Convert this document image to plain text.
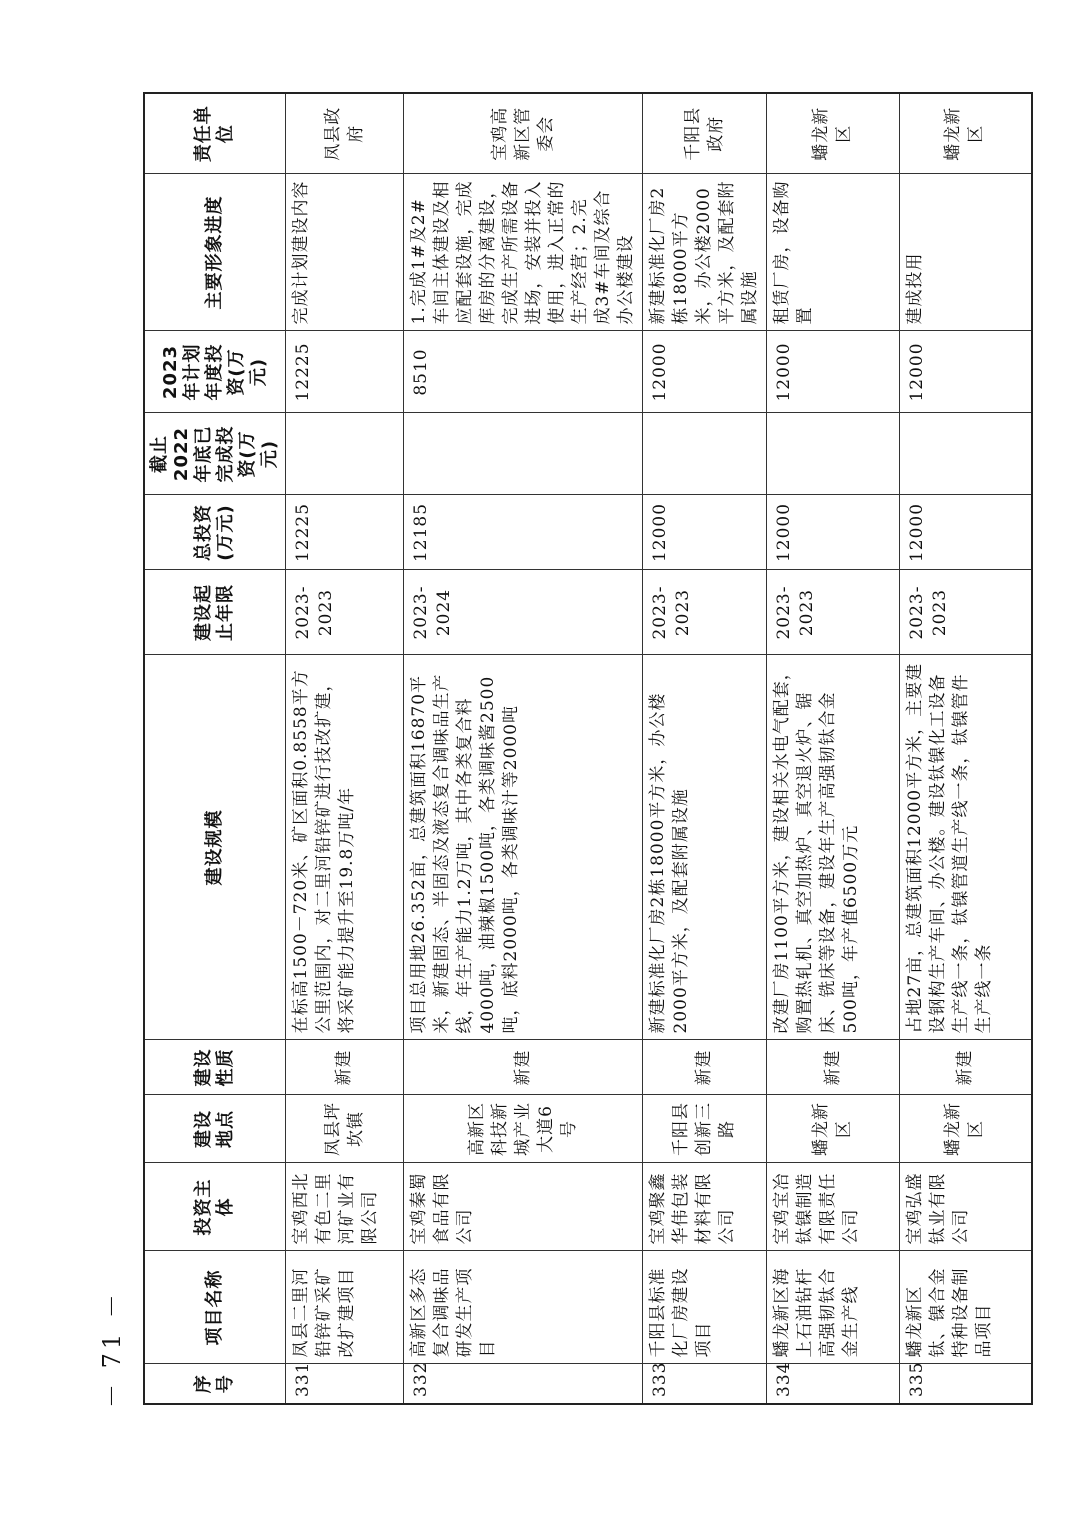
序号	项目名称	投资主体	建设地点	建设性质	建设规模	建设起止年限	总投资(万元)	截止2022年底已完成投资(万元)	2023年计划年度投资(万元)	主要形象进度	责任单位
331	凤县二里河铅锌矿采矿改扩建项目	宝鸡西北有色二里河矿业有限公司	凤县坪坎镇	新建	在标高1500－720米、矿区面积0.8558平方公里范围内，对二里河铅锌矿进行技改扩建，将采矿能力提升至19.8万吨/年	2023-2023	12225		12225	完成计划建设内容	凤县政府
332	高新区多态复合调味品研发生产项目	宝鸡秦蜀食品有限公司	高新区科技新城产业大道6号	新建	项目总用地26.352亩，总建筑面积16870平米，新建固态、半固态及液态复合调味品生产线，年生产能力1.2万吨，其中各类复合料4000吨，油辣椒1500吨，各类调味酱2500吨，底料2000吨，各类调味汁等2000吨	2023-2024	12185		8510	1.完成1#及2#车间主体建设及相应配套设施，完成库房的分离建设，完成生产所需设备进场，安装并投入使用，进入正常的生产经营；2.完成3#车间及综合办公楼建设	宝鸡高新区管委会
333	千阳县标准化厂房建设项目	宝鸡聚鑫华伟包装材料有限公司	千阳县创新三路	新建	新建标准化厂房2栋18000平方米，办公楼2000平方米，及配套附属设施	2023-2023	12000		12000	新建标准化厂房2栋18000平方米，办公楼2000平方米，及配套附属设施	千阳县政府
334	蟠龙新区海上石油钻杆高强韧钛合金生产线	宝鸡宝冶钛镍制造有限责任公司	蟠龙新区	新建	改建厂房1100平方米，建设相关水电气配套，购置热轧机、真空加热炉、真空退火炉、锯床、铣床等设备，建设年生产高强韧钛合金500吨，年产值6500万元	2023-2023	12000		12000	租赁厂房，设备购置	蟠龙新区
335	蟠龙新区钛、镍合金特种设备制品项目	宝鸡弘盛钛业有限公司	蟠龙新区	新建	占地27亩，总建筑面积12000平方米，主要建设钢构生产车间、办公楼。建设钛镍化工设备生产线一条，钛镍管道生产线一条，钛镍管件生产线一条	2023-2023	12000		12000	建成投用	蟠龙新区
－ 71 －
